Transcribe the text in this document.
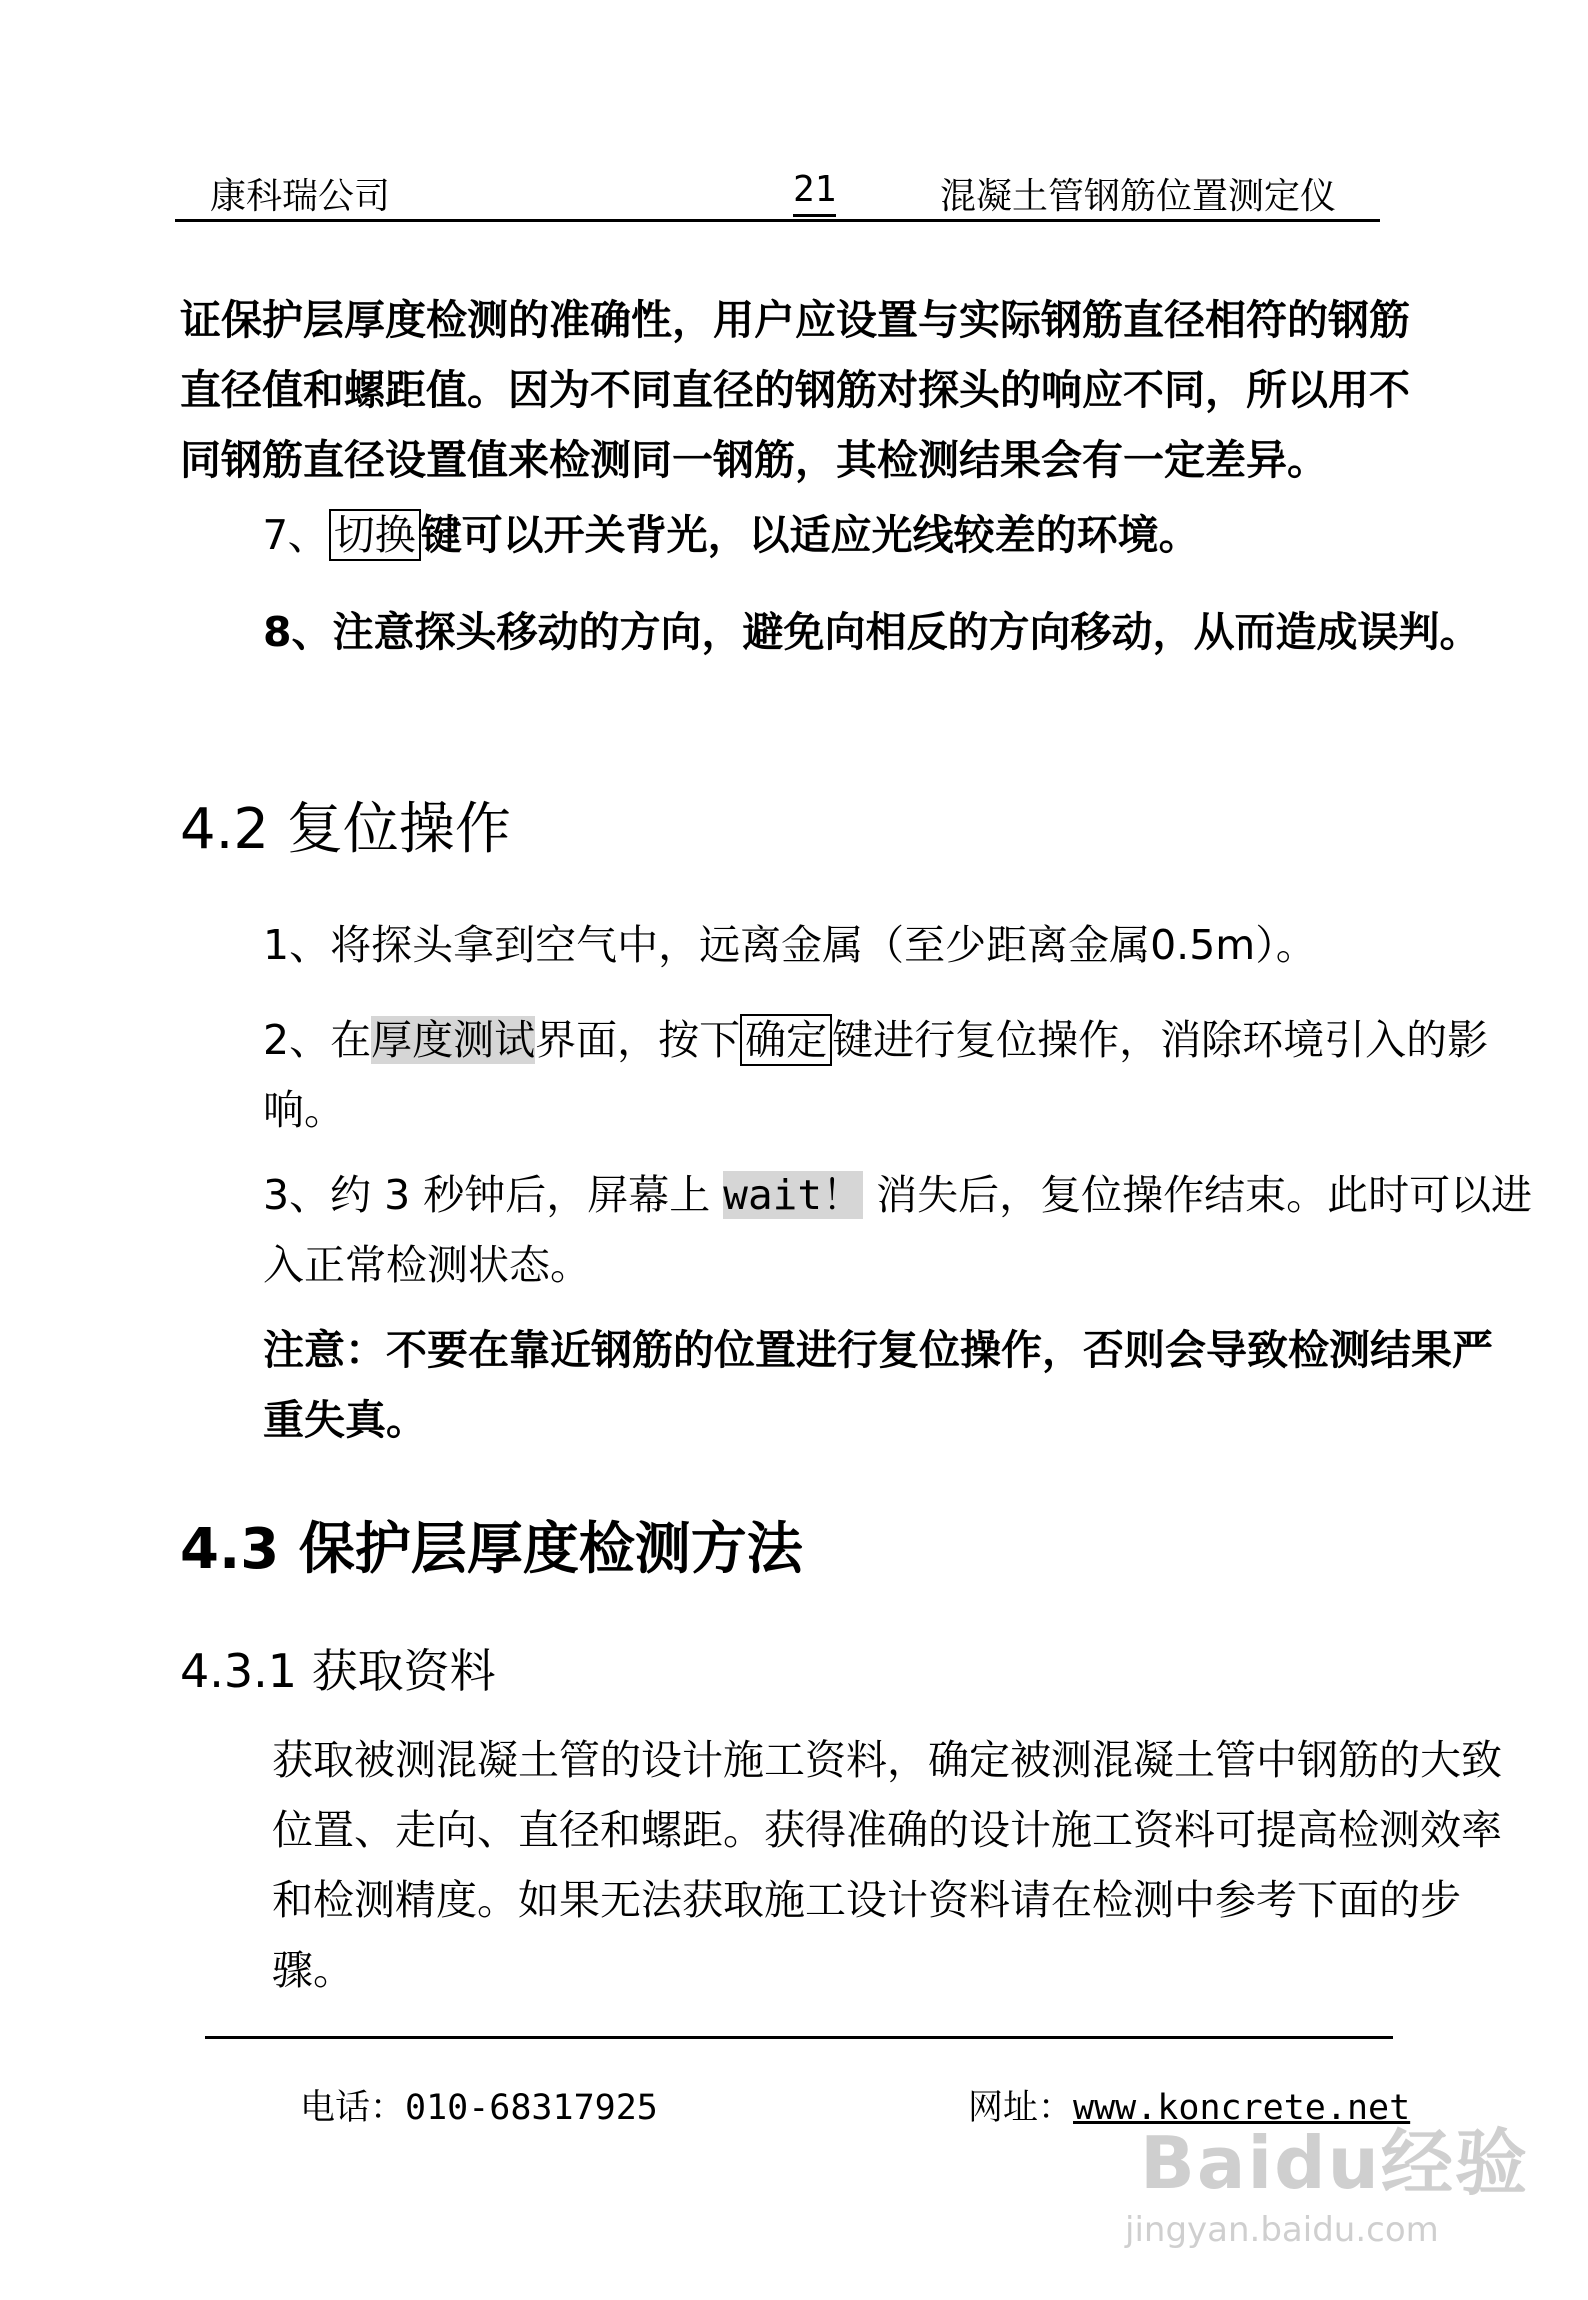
康科瑞公司	21	混凝土管钢筋位置测定仪
证保护层厚度检测的准确性，用户应设置与实际钢筋直径相符的钢筋直径值和螺距值。因为不同直径的钢筋对探头的响应不同，所以用不同钢筋直径设置值来检测同一钢筋，其检测结果会有一定差异。
7、 切换 键可以开关背光，以适应光线较差的环境。
8、注意探头移动的方向，避免向相反的方向移动，从而造成误判。
4.2 复位操作
1、将探头拿到空气中，远离金属（至少距离金属0.5m）。
2、在厚度测试界面，按下 确定 键进行复位操作，消除环境引入的影响。
3、约 3 秒钟后，屏幕上 wait！ 消失后，复位操作结束。此时可以进入正常检测状态。
注意：不要在靠近钢筋的位置进行复位操作，否则会导致检测结果严重失真。
4.3 保护层厚度检测方法
4.3.1 获取资料
获取被测混凝土管的设计施工资料，确定被测混凝土管中钢筋的大致位置、走向、直径和螺距。获得准确的设计施工资料可提高检测效率和检测精度。如果无法获取施工设计资料请在检测中参考下面的步骤。
电话：010-68317925	网址：www.koncrete.net
Baidu经验
jingyan.baidu.com
